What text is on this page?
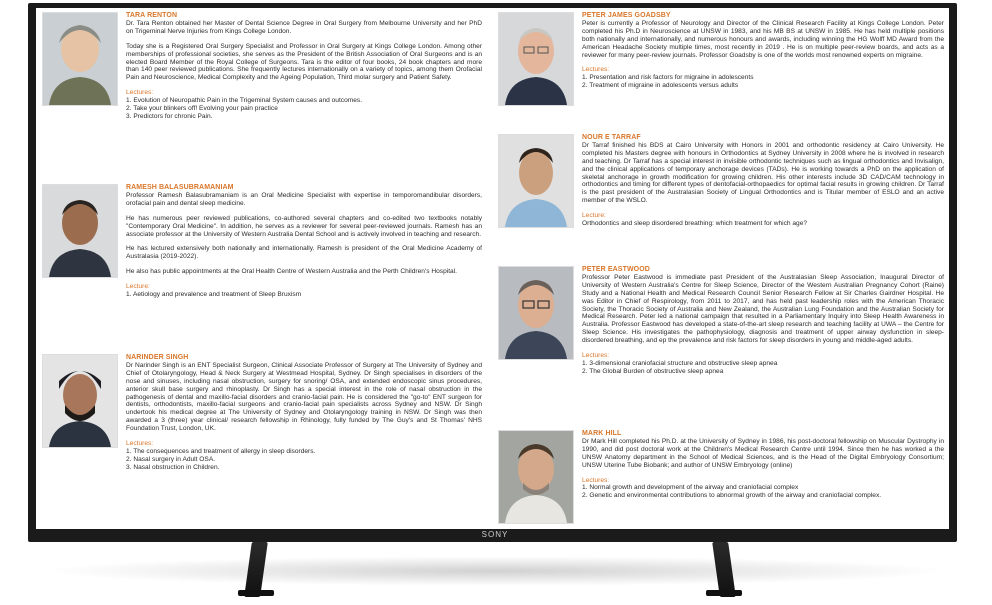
SONY
TARA RENTON

Dr. Tara Renton obtained her Master of Dental Science Degree in Oral Surgery from Melbourne University and her PhD on Trigeminal Nerve Injuries from Kings College London.

Today she is a Registered Oral Surgery Specialist and Professor in Oral Surgery at Kings College London. Among other memberships of professional societies, she serves as the President of the British Association of Oral Surgeons and is an elected Board Member of the Royal College of Surgeons. Tara is the editor of four books, 24 book chapters and more than 140 peer reviewed publications. She frequently lectures internationally on a variety of topics, among them Orofacial Pain and Neuroscience, Medical Complexity and the Ageing Population, Third molar surgery and Patient Safety.

Lectures:
1. Evolution of Neuropathic Pain in the Trigeminal System causes and outcomes.
2. Take your blinkers off! Evolving your pain practice
3. Predictors for chronic Pain.
RAMESH BALASUBRAMANIAM

Professor Ramesh Balasubramaniam is an Oral Medicine Specialist with expertise in temporomandibular disorders, orofacial pain and dental sleep medicine.

He has numerous peer reviewed publications, co-authored several chapters and co-edited two textbooks notably "Contemporary Oral Medicine". In addition, he serves as a reviewer for several peer-reviewed journals. Ramesh has an associate professor at the University of Western Australia Dental School and is actively involved in teaching and research.

He has lectured extensively both nationally and internationally. Ramesh is president of the Oral Medicine Academy of Australasia (2019-2022).

He also has public appointments at the Oral Health Centre of Western Australia and the Perth Children's Hospital.

Lecture:
1. Aetiology and prevalence and treatment of Sleep Bruxism
NARINDER SINGH

Dr Narinder Singh is an ENT Specialist Surgeon, Clinical Associate Professor of Surgery at The University of Sydney and Chief of Otolaryngology, Head & Neck Surgery at Westmead Hospital, Sydney. Dr Singh specialises in disorders of the nose and sinuses, including nasal obstruction, surgery for snoring/ OSA, and extended endoscopic sinus procedures, anterior skull base surgery and rhinoplasty. Dr Singh has a special interest in the role of nasal obstruction in the pathogenesis of dental and maxillo-facial disorders and cranio-facial pain. He is considered the "go-to" ENT surgeon for dentists, orthodontists, maxillo-facial surgeons and cranio-facial pain specialists across Sydney and NSW. Dr Singh undertook his medical degree at The University of Sydney and Otolaryngology training in NSW. Dr Singh was then awarded a 3 (three) year clinical/ research fellowship in Rhinology, fully funded by The Guy's and St Thomas' NHS Foundation Trust, London, UK.

Lectures:
1. The consequences and treatment of allergy in sleep disorders.
2. Nasal surgery in Adult OSA.
3. Nasal obstruction in Children.
PETER JAMES GOADSBY

Peter is currently a Professor of Neurology and Director of the Clinical Research Facility at Kings College London. Peter completed his Ph.D in Neuroscience at UNSW in 1983, and his MB BS at UNSW in 1985. He has held multiple positions both nationally and internationally, and numerous honours and awards, including winning the HG Wolff MD Award from the American Headache Society multiple times, most recently in 2019 . He is on multiple peer-review boards, and acts as a reviewer for many peer-review journals. Professor Goadsby is one of the worlds most renowned experts on migraine.

Lectures:
1. Presentation and risk factors for migraine in adolescents
2. Treatment of migraine in adolescents versus adults
NOUR E TARRAF

Dr Tarraf finished his BDS at Cairo University with Honors in 2001 and orthodontic residency at Cairo University. He completed his Masters degree with honours in Orthodontics at Sydney University in 2008 where he is involved in research and teaching. Dr Tarraf has a special interest in invisible orthodontic techniques such as lingual orthodontics and Invisalign, and the clinical applications of temporary anchorage devices (TADs). He is working towards a PhD on the application of skeletal anchorage in growth modification for growing children. His other interests include 3D CAD/CAM technology in orthodontics and timing for different types of dentofacial-orthopaedics for optimal facial results in growing children. Dr Tarraf is the past president of the Australasian Society of Lingual Orthodontics and is Titular member of ESLO and an active member of the WSLO.

Lecture:
Orthodontics and sleep disordered breathing: which treatment for which age?
PETER EASTWOOD

Professor Peter Eastwood is immediate past President of the Australasian Sleep Association, Inaugural Director of University of Western Australia's Centre for Sleep Science, Director of the Western Australian Pregnancy Cohort (Raine) Study and a National Health and Medical Research Council Senior Research Fellow at Sir Charles Gairdner Hospital. He was Editor in Chief of Respirology, from 2011 to 2017, and has held past leadership roles with the American Thoracic Society, the Thoracic Society of Australia and New Zealand, the Australian Lung Foundation and the Australian Society for Medical Research. Peter led a national campaign that resulted in a Parliamentary Inquiry into Sleep Health Awareness in Australia. Professor Eastwood has developed a state-of-the-art sleep research and teaching facility at UWA – the Centre for Sleep Science. His investigates the pathophysiology, diagnosis and treatment of upper airway dysfunction in sleep-disordered breathing, and ep the prevalence and risk factors for sleep disorders in young and middle-aged adults.

Lectures:
1. 3-dimensional craniofacial structure and obstructive sleep apnea
2. The Global Burden of obstructive sleep apnea
MARK HILL

Dr Mark Hill completed his Ph.D. at the University of Sydney in 1986, his post-doctoral fellowship on Muscular Dystrophy in 1990, and did post doctoral work at the Children's Medical Research Centre until 1994. Since then he has worked a the UNSW Anatomy department in the School of Medical Sciences, and is the Head of the Digital Embryology Consortium; UNSW Uterine Tube Biobank; and author of UNSW Embryology (online)

Lectures:
1. Normal growth and development of the airway and craniofacial complex
2. Genetic and environmental contributions to abnormal growth of the airway and craniofacial complex.
